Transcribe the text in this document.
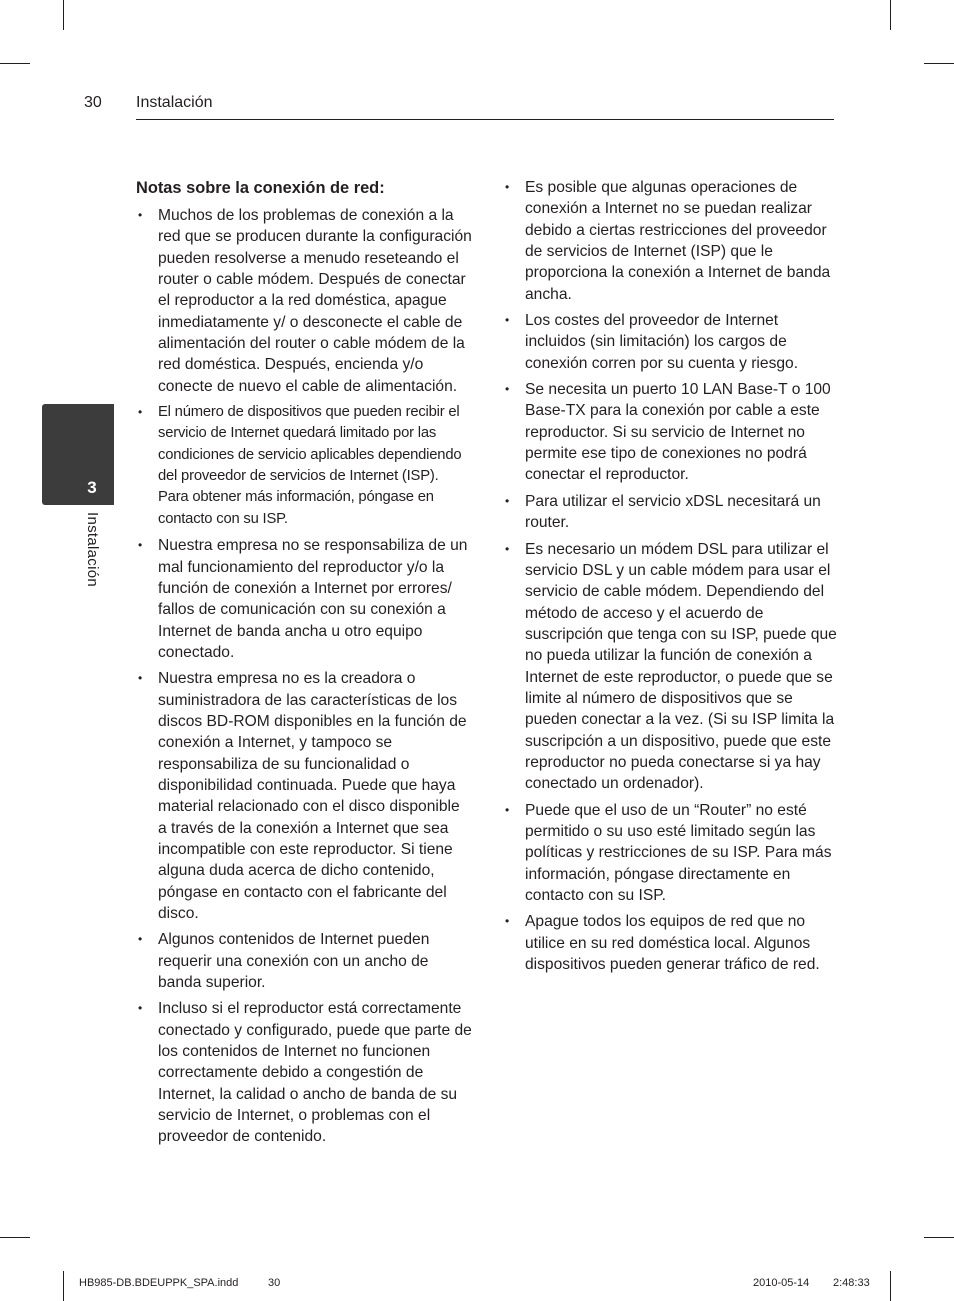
30 Instalación
3
Instalación
Notas sobre la conexión de red:
• Muchos de los problemas de conexión a la red que se producen durante la configuración pueden resolverse a menudo reseteando el router o cable módem. Después de conectar el reproductor a la red doméstica, apague inmediatamente y/ o desconecte el cable de alimentación del router o cable módem de la red doméstica. Después, encienda y/o conecte de nuevo el cable de alimentación.
• El número de dispositivos que pueden recibir el servicio de Internet quedará limitado por las condiciones de servicio aplicables dependiendo del proveedor de servicios de Internet (ISP). Para obtener más información, póngase en contacto con su ISP.
• Nuestra empresa no se responsabiliza de un mal funcionamiento del reproductor y/o la función de conexión a Internet por errores/ fallos de comunicación con su conexión a Internet de banda ancha u otro equipo conectado.
• Nuestra empresa no es la creadora o suministradora de las características de los discos BD-ROM disponibles en la función de conexión a Internet, y tampoco se responsabiliza de su funcionalidad o disponibilidad continuada. Puede que haya material relacionado con el disco disponible a través de la conexión a Internet que sea incompatible con este reproductor. Si tiene alguna duda acerca de dicho contenido, póngase en contacto con el fabricante del disco.
• Algunos contenidos de Internet pueden requerir una conexión con un ancho de banda superior.
• Incluso si el reproductor está correctamente conectado y configurado, puede que parte de los contenidos de Internet no funcionen correctamente debido a congestión de Internet, la calidad o ancho de banda de su servicio de Internet, o problemas con el proveedor de contenido.
• Es posible que algunas operaciones de conexión a Internet no se puedan realizar debido a ciertas restricciones del proveedor de servicios de Internet (ISP) que le proporciona la conexión a Internet de banda ancha.
• Los costes del proveedor de Internet incluidos (sin limitación) los cargos de conexión corren por su cuenta y riesgo.
• Se necesita un puerto 10 LAN Base-T o 100 Base-TX para la conexión por cable a este reproductor. Si su servicio de Internet no permite ese tipo de conexiones no podrá conectar el reproductor.
• Para utilizar el servicio xDSL necesitará un router.
• Es necesario un módem DSL para utilizar el servicio DSL y un cable módem para usar el servicio de cable módem. Dependiendo del método de acceso y el acuerdo de suscripción que tenga con su ISP, puede que no pueda utilizar la función de conexión a Internet de este reproductor, o puede que se limite al número de dispositivos que se pueden conectar a la vez. (Si su ISP limita la suscripción a un dispositivo, puede que este reproductor no pueda conectarse si ya hay conectado un ordenador).
• Puede que el uso de un “Router” no esté permitido o su uso esté limitado según las políticas y restricciones de su ISP. Para más información, póngase directamente en contacto con su ISP.
• Apague todos los equipos de red que no utilice en su red doméstica local. Algunos dispositivos pueden generar tráfico de red.
HB985-DB.BDEUPPK_SPA.indd	30	2010-05-14 2:48:33
